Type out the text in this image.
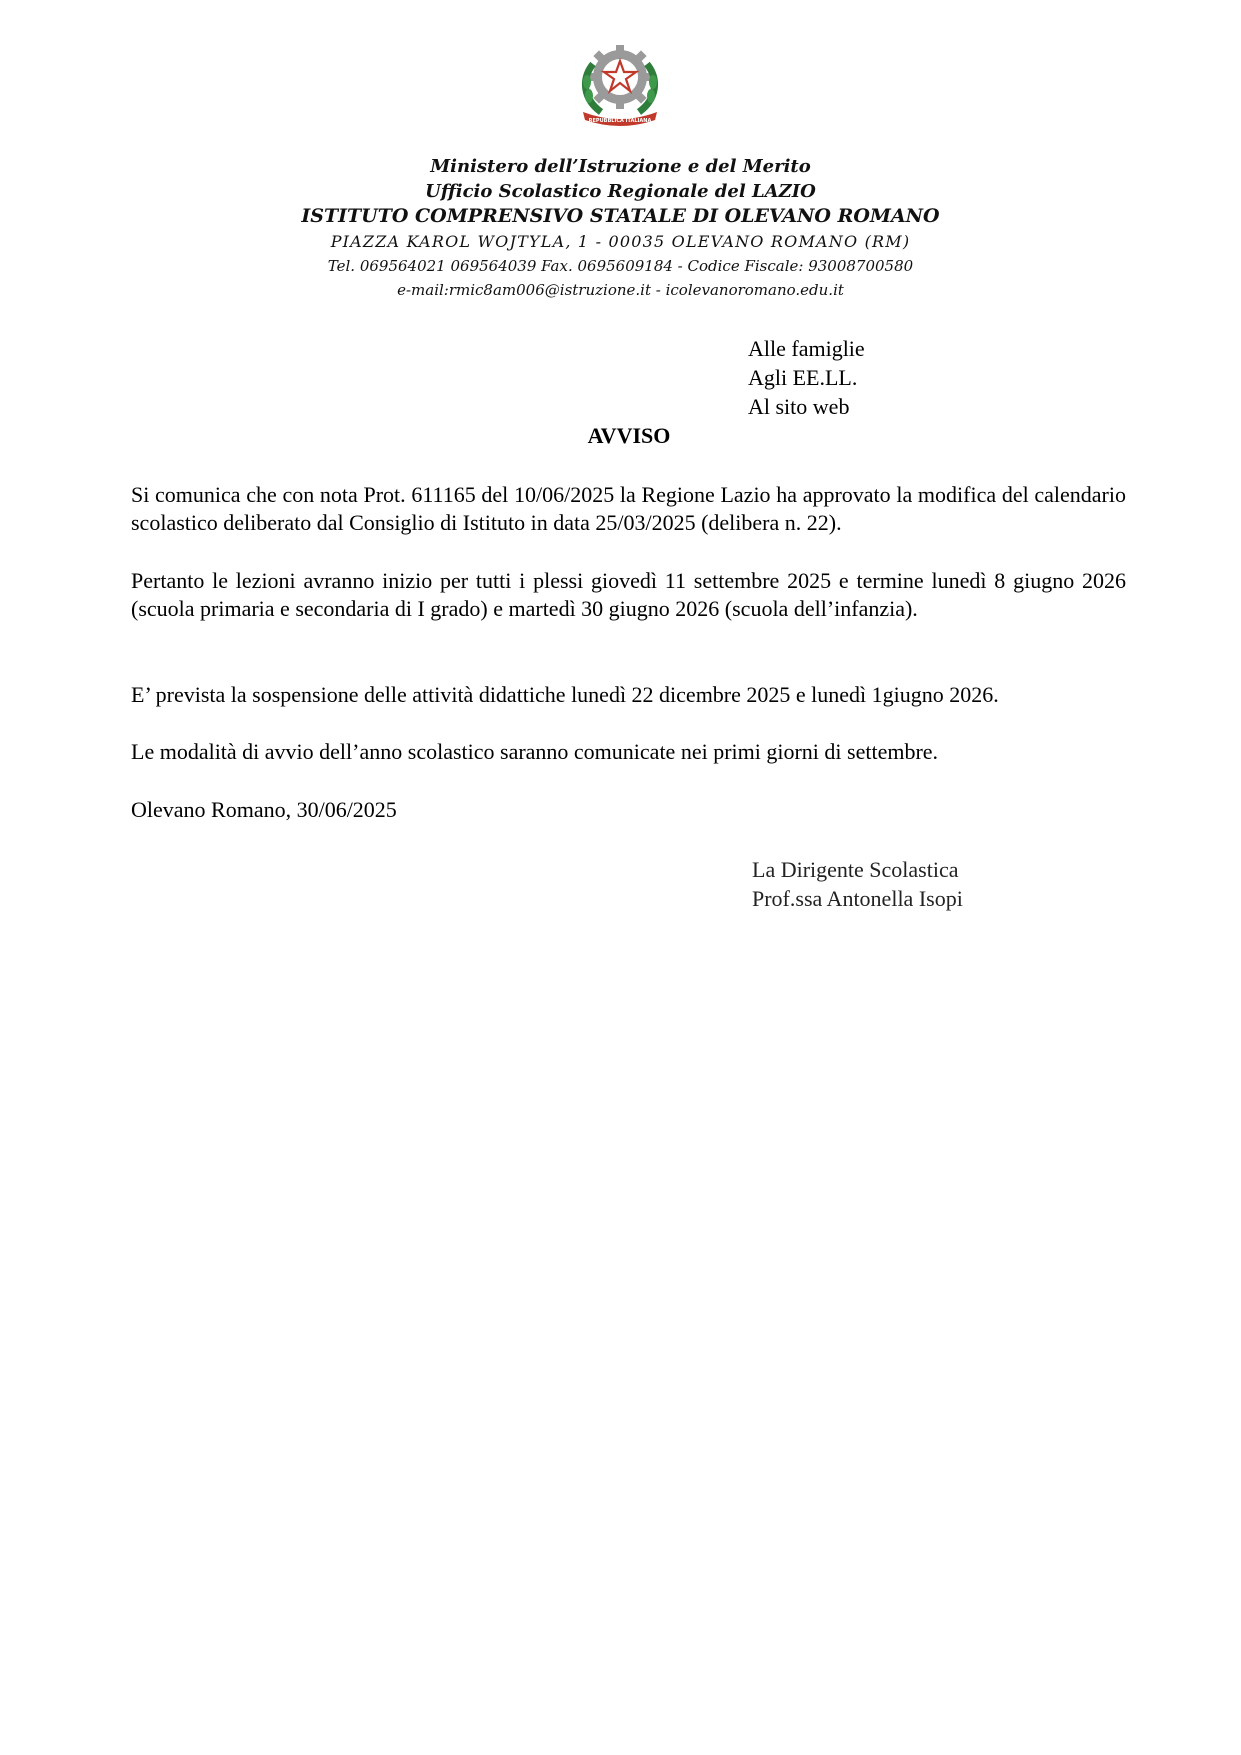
REPUBBLICA ITALIANA
Ministero dell’Istruzione e del Merito
Ufficio Scolastico Regionale del LAZIO
ISTITUTO COMPRENSIVO STATALE DI OLEVANO ROMANO
PIAZZA KAROL WOJTYLA, 1 - 00035 OLEVANO ROMANO (RM)
Tel. 069564021 069564039 Fax. 0695609184 - Codice Fiscale: 93008700580
e-mail:rmic8am006@istruzione.it - icolevanoromano.edu.it
Alle famiglie
Agli EE.LL.
Al sito web
AVVISO
Si comunica che con nota Prot. 611165 del 10/06/2025 la Regione Lazio ha approvato la modifica del calendario scolastico deliberato dal Consiglio di Istituto in data 25/03/2025 (delibera n. 22).
Pertanto le lezioni avranno inizio per tutti i plessi giovedì 11 settembre 2025 e termine lunedì 8 giugno 2026 (scuola primaria e secondaria di I grado) e martedì 30 giugno 2026 (scuola dell’infanzia).
E’ prevista la sospensione delle attività didattiche lunedì 22 dicembre 2025 e lunedì 1giugno 2026.
Le modalità di avvio dell’anno scolastico saranno comunicate nei primi giorni di settembre.
Olevano Romano, 30/06/2025
La Dirigente Scolastica
Prof.ssa Antonella Isopi
